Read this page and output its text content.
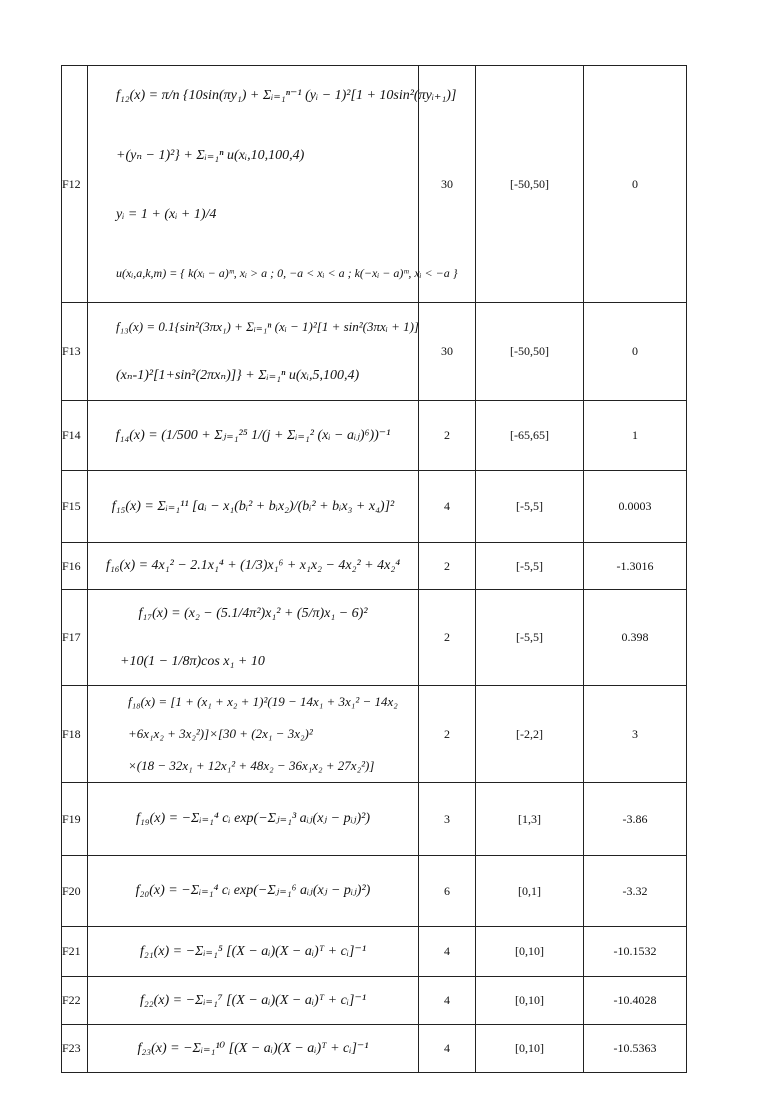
F12	f₁₂(x) = π/n {10sin(πy₁) + Σᵢ₌₁ⁿ⁻¹ (yᵢ − 1)²[1 + 10sin²(πyᵢ₊₁)]
+(yₙ − 1)²} + Σᵢ₌₁ⁿ u(xᵢ,10,100,4)
yᵢ = 1 + (xᵢ + 1)/4
u(xᵢ,a,k,m) = { k(xᵢ − a)ᵐ, xᵢ > a ; 0, −a < xᵢ < a ; k(−xᵢ − a)ᵐ, xᵢ < −a }	30	[-50,50]	0
F13	f₁₃(x) = 0.1{sin²(3πx₁) + Σᵢ₌₁ⁿ (xᵢ − 1)²[1 + sin²(3πxᵢ + 1)]
(xₙ-1)²[1+sin²(2πxₙ)]} + Σᵢ₌₁ⁿ u(xᵢ,5,100,4)	30	[-50,50]	0
F14	f₁₄(x) = (1/500 + Σⱼ₌₁²⁵ 1/(j + Σᵢ₌₁² (xᵢ − aᵢⱼ)⁶))⁻¹	2	[-65,65]	1
F15	f₁₅(x) = Σᵢ₌₁¹¹ [aᵢ − x₁(bᵢ² + bᵢx₂)/(bᵢ² + bᵢx₃ + x₄)]²	4	[-5,5]	0.0003
F16	f₁₆(x) = 4x₁² − 2.1x₁⁴ + (1/3)x₁⁶ + x₁x₂ − 4x₂² + 4x₂⁴	2	[-5,5]	-1.3016
F17	f₁₇(x) = (x₂ − (5.1/4π²)x₁² + (5/π)x₁ − 6)²
+10(1 − 1/8π)cos x₁ + 10	2	[-5,5]	0.398
F18	f₁₈(x) = [1 + (x₁ + x₂ + 1)²(19 − 14x₁ + 3x₁² − 14x₂
+6x₁x₂ + 3x₂²)]×[30 + (2x₁ − 3x₂)²
×(18 − 32x₁ + 12x₁² + 48x₂ − 36x₁x₂ + 27x₂²)]	2	[-2,2]	3
F19	f₁₉(x) = −Σᵢ₌₁⁴ cᵢ exp(−Σⱼ₌₁³ aᵢⱼ(xⱼ − pᵢⱼ)²)	3	[1,3]	-3.86
F20	f₂₀(x) = −Σᵢ₌₁⁴ cᵢ exp(−Σⱼ₌₁⁶ aᵢⱼ(xⱼ − pᵢⱼ)²)	6	[0,1]	-3.32
F21	f₂₁(x) = −Σᵢ₌₁⁵ [(X − aᵢ)(X − aᵢ)ᵀ + cᵢ]⁻¹	4	[0,10]	-10.1532
F22	f₂₂(x) = −Σᵢ₌₁⁷ [(X − aᵢ)(X − aᵢ)ᵀ + cᵢ]⁻¹	4	[0,10]	-10.4028
F23	f₂₃(x) = −Σᵢ₌₁¹⁰ [(X − aᵢ)(X − aᵢ)ᵀ + cᵢ]⁻¹	4	[0,10]	-10.5363
